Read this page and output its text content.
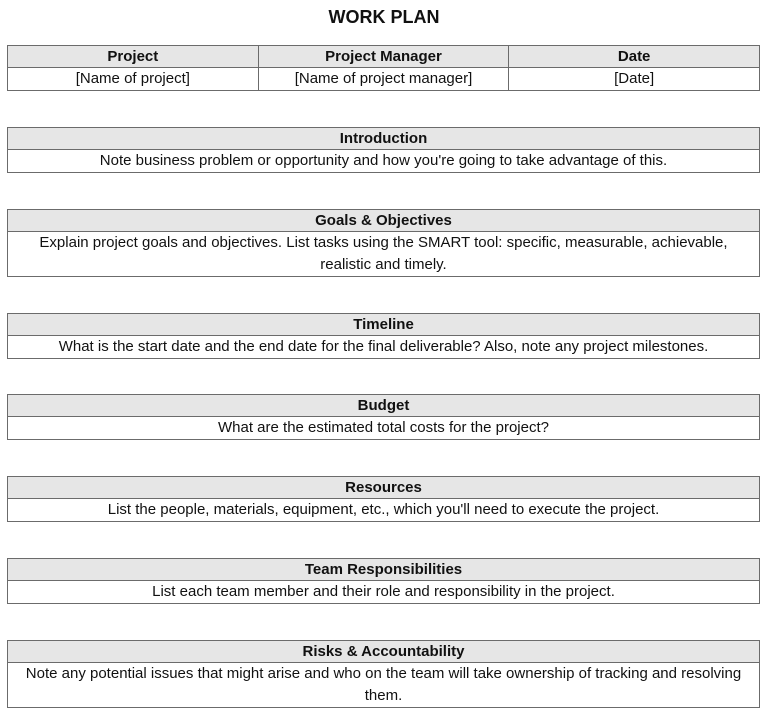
WORK PLAN
Project	Project Manager	Date
[Name of project]	[Name of project manager]	[Date]
Introduction
Note business problem or opportunity and how you're going to take advantage of this.
Goals & Objectives
Explain project goals and objectives. List tasks using the SMART tool: specific, measurable, achievable, realistic and timely.
Timeline
What is the start date and the end date for the final deliverable? Also, note any project milestones.
Budget
What are the estimated total costs for the project?
Resources
List the people, materials, equipment, etc., which you'll need to execute the project.
Team Responsibilities
List each team member and their role and responsibility in the project.
Risks & Accountability
Note any potential issues that might arise and who on the team will take ownership of tracking and resolving them.
